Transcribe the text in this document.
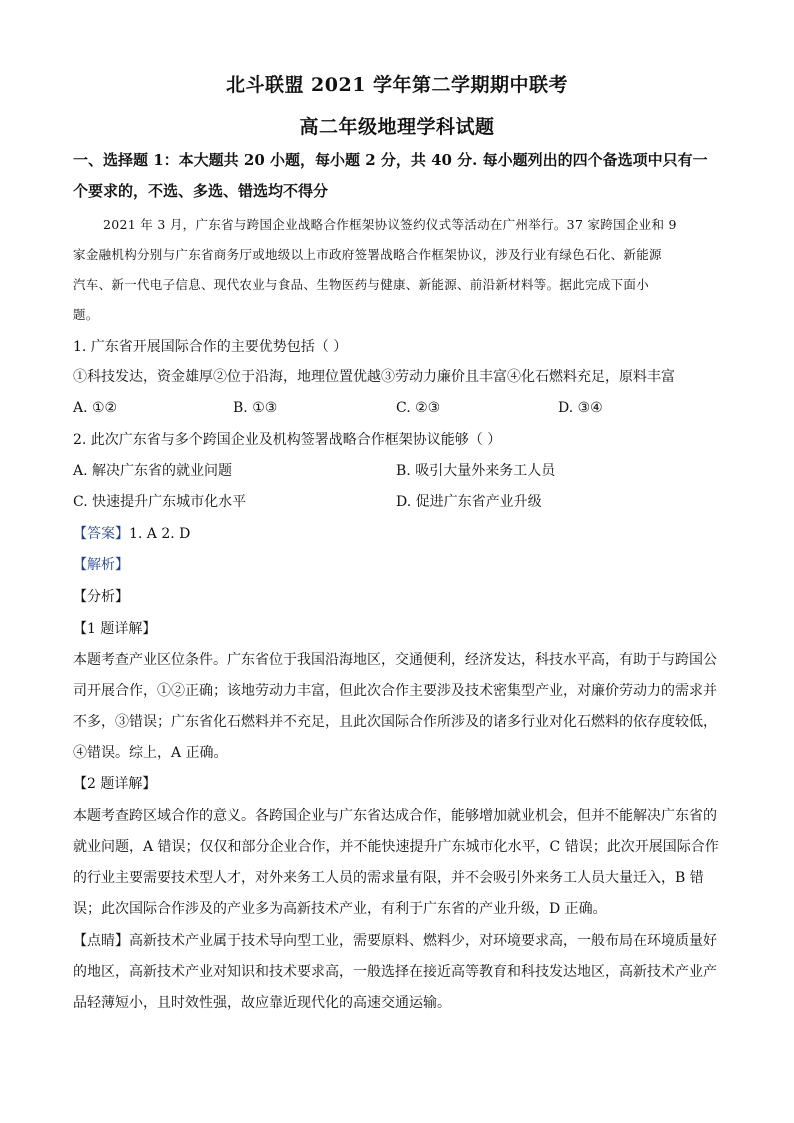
北斗联盟 2021 学年第二学期期中联考
高二年级地理学科试题
一、选择题 1：本大题共 20 小题，每小题 2 分，共 40 分. 每小题列出的四个备选项中只有一
个要求的，不选、多选、错选均不得分
2021 年 3 月，广东省与跨国企业战略合作框架协议签约仪式等活动在广州举行。37 家跨国企业和 9
家金融机构分别与广东省商务厅或地级以上市政府签署战略合作框架协议，涉及行业有绿色石化、新能源
汽车、新一代电子信息、现代农业与食品、生物医药与健康、新能源、前沿新材料等。据此完成下面小
题。
1. 广东省开展国际合作的主要优势包括（ ）
①科技发达，资金雄厚②位于沿海，地理位置优越③劳动力廉价且丰富④化石燃料充足，原料丰富
A. ①②	B. ①③	C. ②③	D. ③④
2. 此次广东省与多个跨国企业及机构签署战略合作框架协议能够（ ）
A. 解决广东省的就业问题	B. 吸引大量外来务工人员
C. 快速提升广东城市化水平	D. 促进广东省产业升级
【答案】1. A 2. D
【解析】
【分析】
【1 题详解】
本题考查产业区位条件。广东省位于我国沿海地区，交通便利，经济发达，科技水平高，有助于与跨国公
司开展合作，①②正确；该地劳动力丰富，但此次合作主要涉及技术密集型产业，对廉价劳动力的需求并
不多，③错误；广东省化石燃料并不充足，且此次国际合作所涉及的诸多行业对化石燃料的依存度较低，
④错误。综上，A 正确。
【2 题详解】
本题考查跨区域合作的意义。各跨国企业与广东省达成合作，能够增加就业机会，但并不能解决广东省的
就业问题，A 错误；仅仅和部分企业合作，并不能快速提升广东城市化水平，C 错误；此次开展国际合作
的行业主要需要技术型人才，对外来务工人员的需求量有限，并不会吸引外来务工人员大量迁入，B 错
误；此次国际合作涉及的产业多为高新技术产业，有利于广东省的产业升级，D 正确。
【点睛】高新技术产业属于技术导向型工业，需要原料、燃料少，对环境要求高，一般布局在环境质量好
的地区，高新技术产业对知识和技术要求高，一般选择在接近高等教育和科技发达地区，高新技术产业产
品轻薄短小，且时效性强，故应靠近现代化的高速交通运输。
